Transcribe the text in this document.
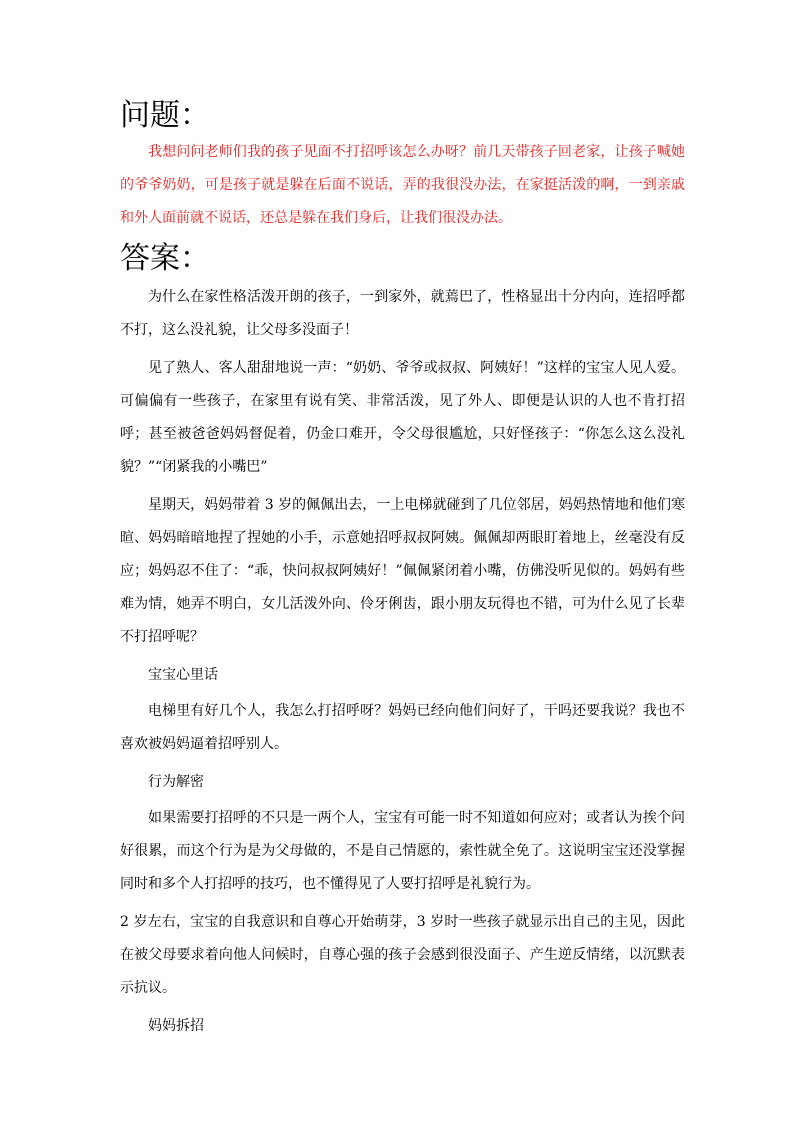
问题：

我想问问老师们我的孩子见面不打招呼该怎么办呀？前几天带孩子回老家，让孩子喊她的爷爷奶奶，可是孩子就是躲在后面不说话，弄的我很没办法，在家挺活泼的啊，一到亲戚和外人面前就不说话，还总是躲在我们身后，让我们很没办法。

答案：

为什么在家性格活泼开朗的孩子，一到家外，就蔫巴了，性格显出十分内向，连招呼都不打，这么没礼貌，让父母多没面子！

见了熟人、客人甜甜地说一声：“奶奶、爷爷或叔叔、阿姨好！”这样的宝宝人见人爱。可偏偏有一些孩子，在家里有说有笑、非常活泼，见了外人、即便是认识的人也不肯打招呼；甚至被爸爸妈妈督促着，仍金口难开，令父母很尴尬，只好怪孩子：“你怎么这么没礼貌？”“闭紧我的小嘴巴”

星期天，妈妈带着 3 岁的佩佩出去，一上电梯就碰到了几位邻居，妈妈热情地和他们寒暄、妈妈暗暗地捏了捏她的小手，示意她招呼叔叔阿姨。佩佩却两眼盯着地上，丝毫没有反应；妈妈忍不住了：“乖，快问叔叔阿姨好！”佩佩紧闭着小嘴，仿佛没听见似的。妈妈有些难为情，她弄不明白，女儿活泼外向、伶牙俐齿，跟小朋友玩得也不错，可为什么见了长辈不打招呼呢？

宝宝心里话

电梯里有好几个人，我怎么打招呼呀？妈妈已经向他们问好了，干吗还要我说？我也不喜欢被妈妈逼着招呼别人。

行为解密

如果需要打招呼的不只是一两个人，宝宝有可能一时不知道如何应对；或者认为挨个问好很累，而这个行为是为父母做的，不是自己情愿的，索性就全免了。这说明宝宝还没掌握同时和多个人打招呼的技巧，也不懂得见了人要打招呼是礼貌行为。

2 岁左右，宝宝的自我意识和自尊心开始萌芽，3 岁时一些孩子就显示出自己的主见，因此在被父母要求着向他人问候时，自尊心强的孩子会感到很没面子、产生逆反情绪，以沉默表示抗议。

妈妈拆招
